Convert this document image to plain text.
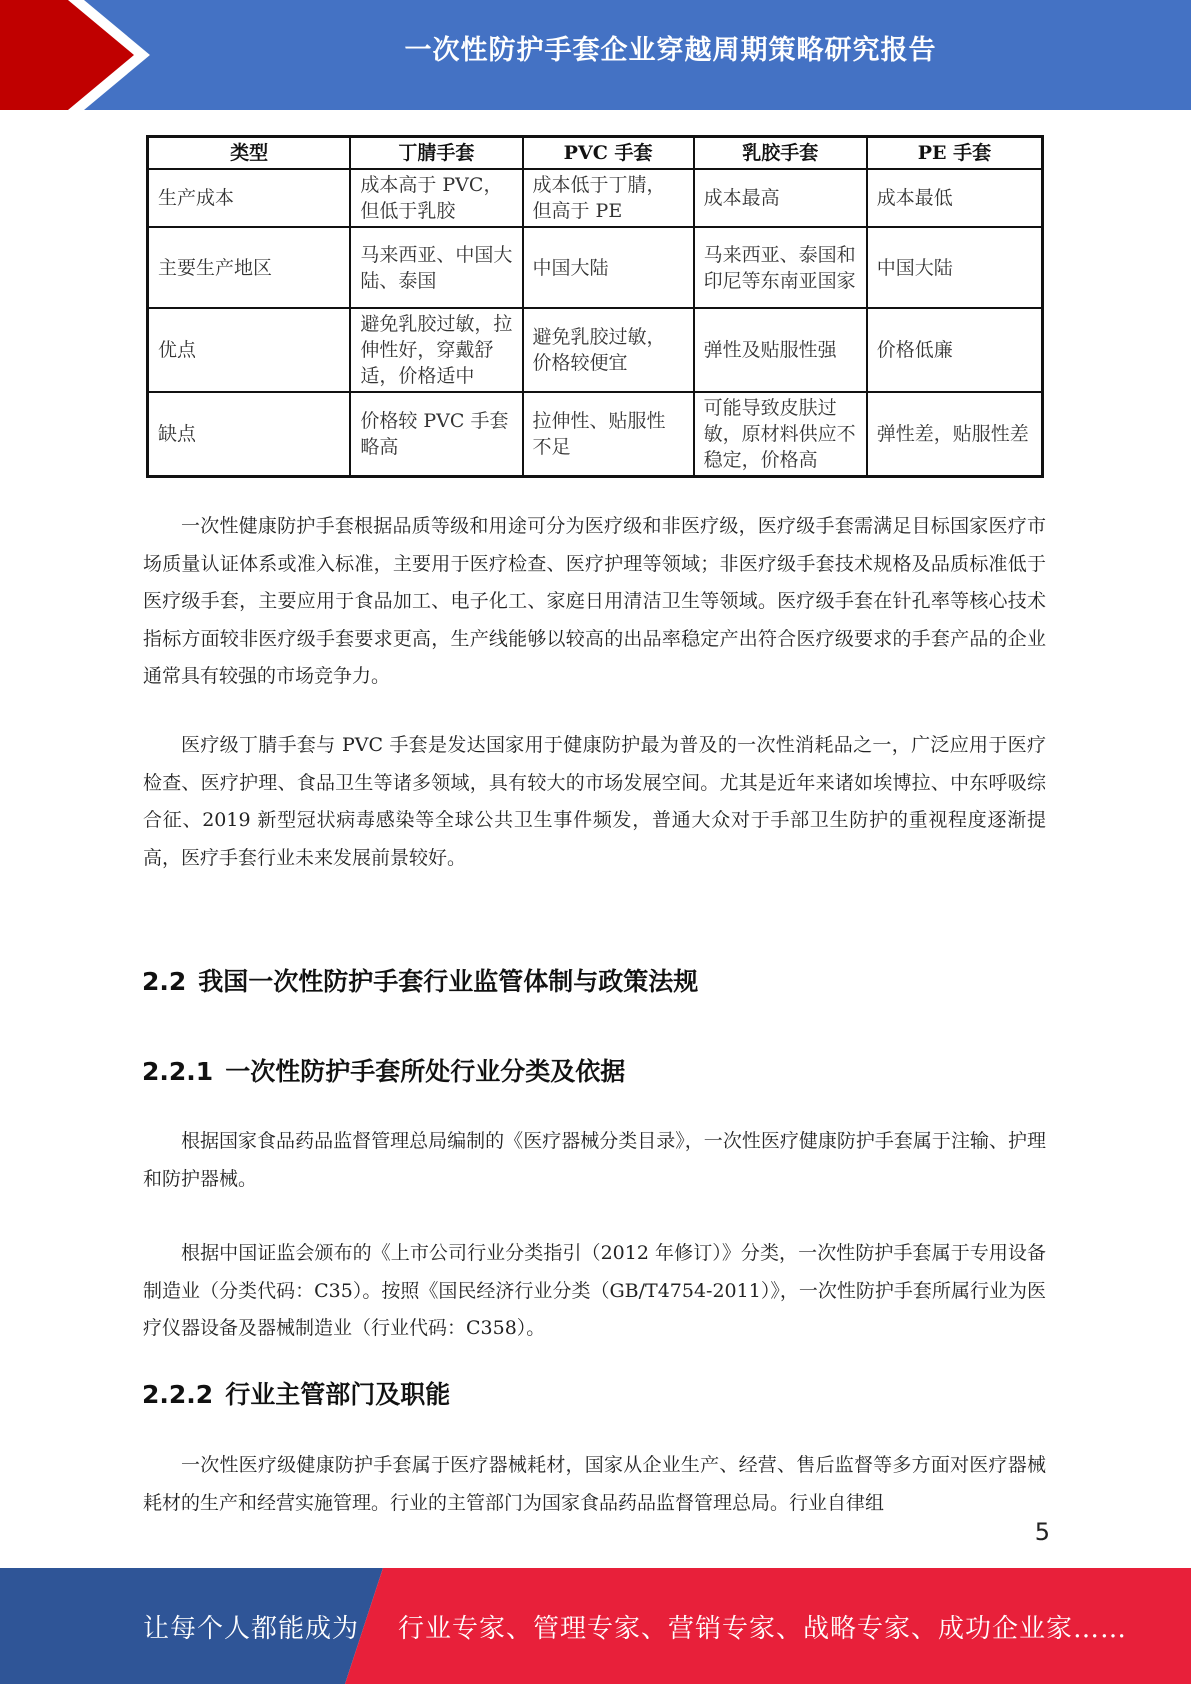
一次性防护手套企业穿越周期策略研究报告
类型	丁腈手套	PVC 手套	乳胶手套	PE 手套
生产成本	成本高于 PVC，但低于乳胶	成本低于丁腈，但高于 PE	成本最高	成本最低
主要生产地区	马来西亚、中国大陆、泰国	中国大陆	马来西亚、泰国和印尼等东南亚国家	中国大陆
优点	避免乳胶过敏，拉伸性好，穿戴舒适，价格适中	避免乳胶过敏，价格较便宜	弹性及贴服性强	价格低廉
缺点	价格较 PVC 手套略高	拉伸性、贴服性不足	可能导致皮肤过敏，原材料供应不稳定，价格高	弹性差，贴服性差

一次性健康防护手套根据品质等级和用途可分为医疗级和非医疗级，医疗级手套需满足目标国家医疗市场质量认证体系或准入标准，主要用于医疗检查、医疗护理等领域；非医疗级手套技术规格及品质标准低于医疗级手套，主要应用于食品加工、电子化工、家庭日用清洁卫生等领域。医疗级手套在针孔率等核心技术指标方面较非医疗级手套要求更高，生产线能够以较高的出品率稳定产出符合医疗级要求的手套产品的企业通常具有较强的市场竞争力。

医疗级丁腈手套与 PVC 手套是发达国家用于健康防护最为普及的一次性消耗品之一，广泛应用于医疗检查、医疗护理、食品卫生等诸多领域，具有较大的市场发展空间。尤其是近年来诸如埃博拉、中东呼吸综合征、2019 新型冠状病毒感染等全球公共卫生事件频发，普通大众对于手部卫生防护的重视程度逐渐提高，医疗手套行业未来发展前景较好。

2.2 我国一次性防护手套行业监管体制与政策法规
2.2.1 一次性防护手套所处行业分类及依据

根据国家食品药品监督管理总局编制的《医疗器械分类目录》，一次性医疗健康防护手套属于注输、护理和防护器械。

根据中国证监会颁布的《上市公司行业分类指引（2012 年修订）》分类，一次性防护手套属于专用设备制造业（分类代码：C35）。按照《国民经济行业分类（GB/T4754-2011）》，一次性防护手套所属行业为医疗仪器设备及器械制造业（行业代码：C358）。

2.2.2 行业主管部门及职能

一次性医疗级健康防护手套属于医疗器械耗材，国家从企业生产、经营、售后监督等多方面对医疗器械耗材的生产和经营实施管理。行业的主管部门为国家食品药品监督管理总局。行业自律组

5
让每个人都能成为 行业专家、管理专家、营销专家、战略专家、成功企业家……
